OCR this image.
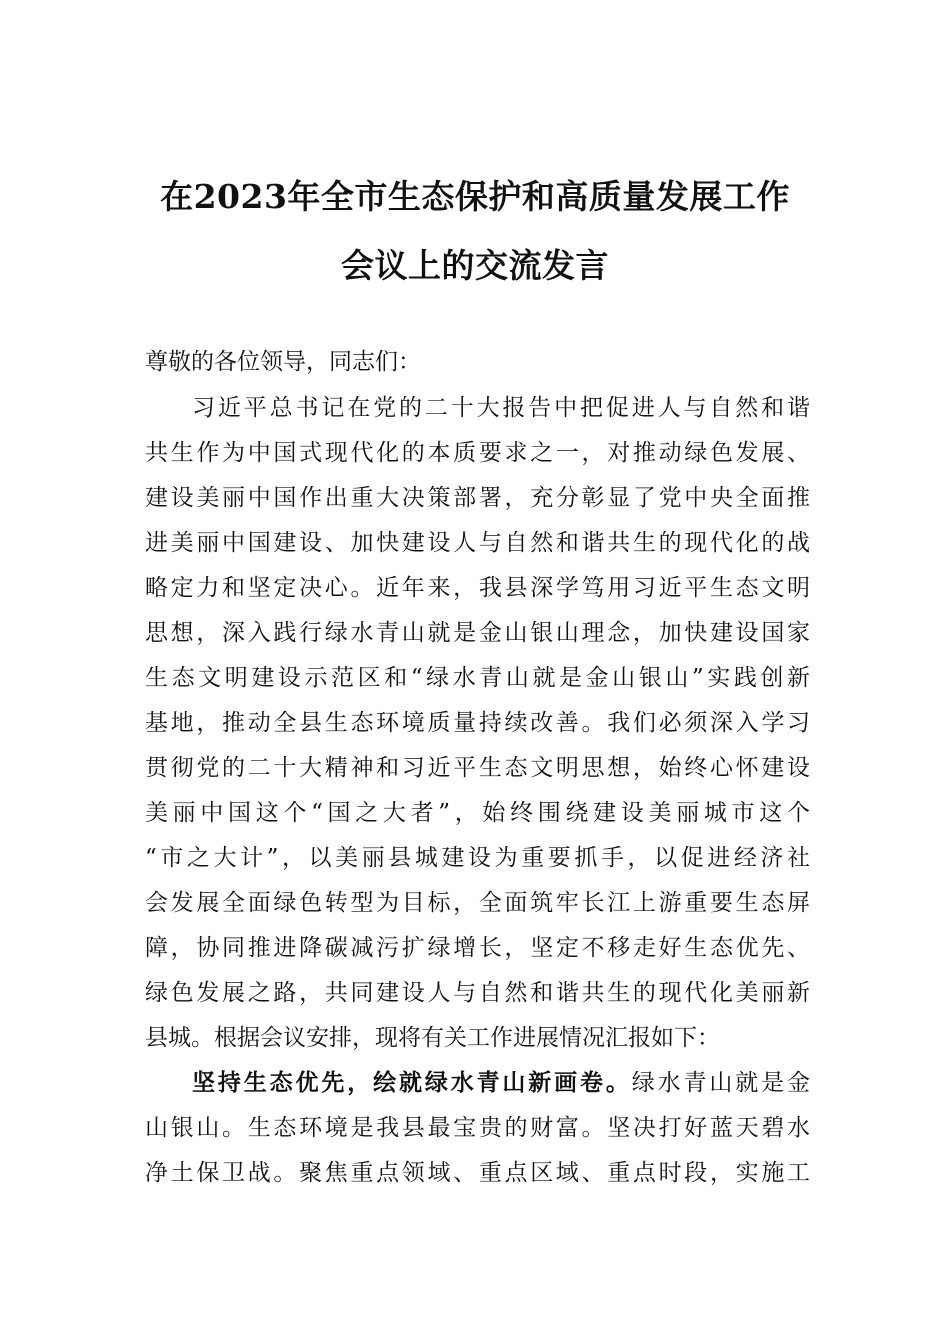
在2023年全市生态保护和高质量发展工作
会议上的交流发言
尊敬的各位领导，同志们：
习近平总书记在党的二十大报告中把促进人与自然和谐
共生作为中国式现代化的本质要求之一，对推动绿色发展、
建设美丽中国作出重大决策部署，充分彰显了党中央全面推
进美丽中国建设、加快建设人与自然和谐共生的现代化的战
略定力和坚定决心。近年来，我县深学笃用习近平生态文明
思想，深入践行绿水青山就是金山银山理念，加快建设国家
生态文明建设示范区和“绿水青山就是金山银山”实践创新
基地，推动全县生态环境质量持续改善。我们必须深入学习
贯彻党的二十大精神和习近平生态文明思想，始终心怀建设
美丽中国这个“国之大者”，始终围绕建设美丽城市这个
“市之大计”，以美丽县城建设为重要抓手，以促进经济社
会发展全面绿色转型为目标，全面筑牢长江上游重要生态屏
障，协同推进降碳减污扩绿增长，坚定不移走好生态优先、
绿色发展之路，共同建设人与自然和谐共生的现代化美丽新
县城。根据会议安排，现将有关工作进展情况汇报如下：
坚持生态优先，绘就绿水青山新画卷。绿水青山就是金
山银山。生态环境是我县最宝贵的财富。坚决打好蓝天碧水
净土保卫战。聚焦重点领域、重点区域、重点时段，实施工
